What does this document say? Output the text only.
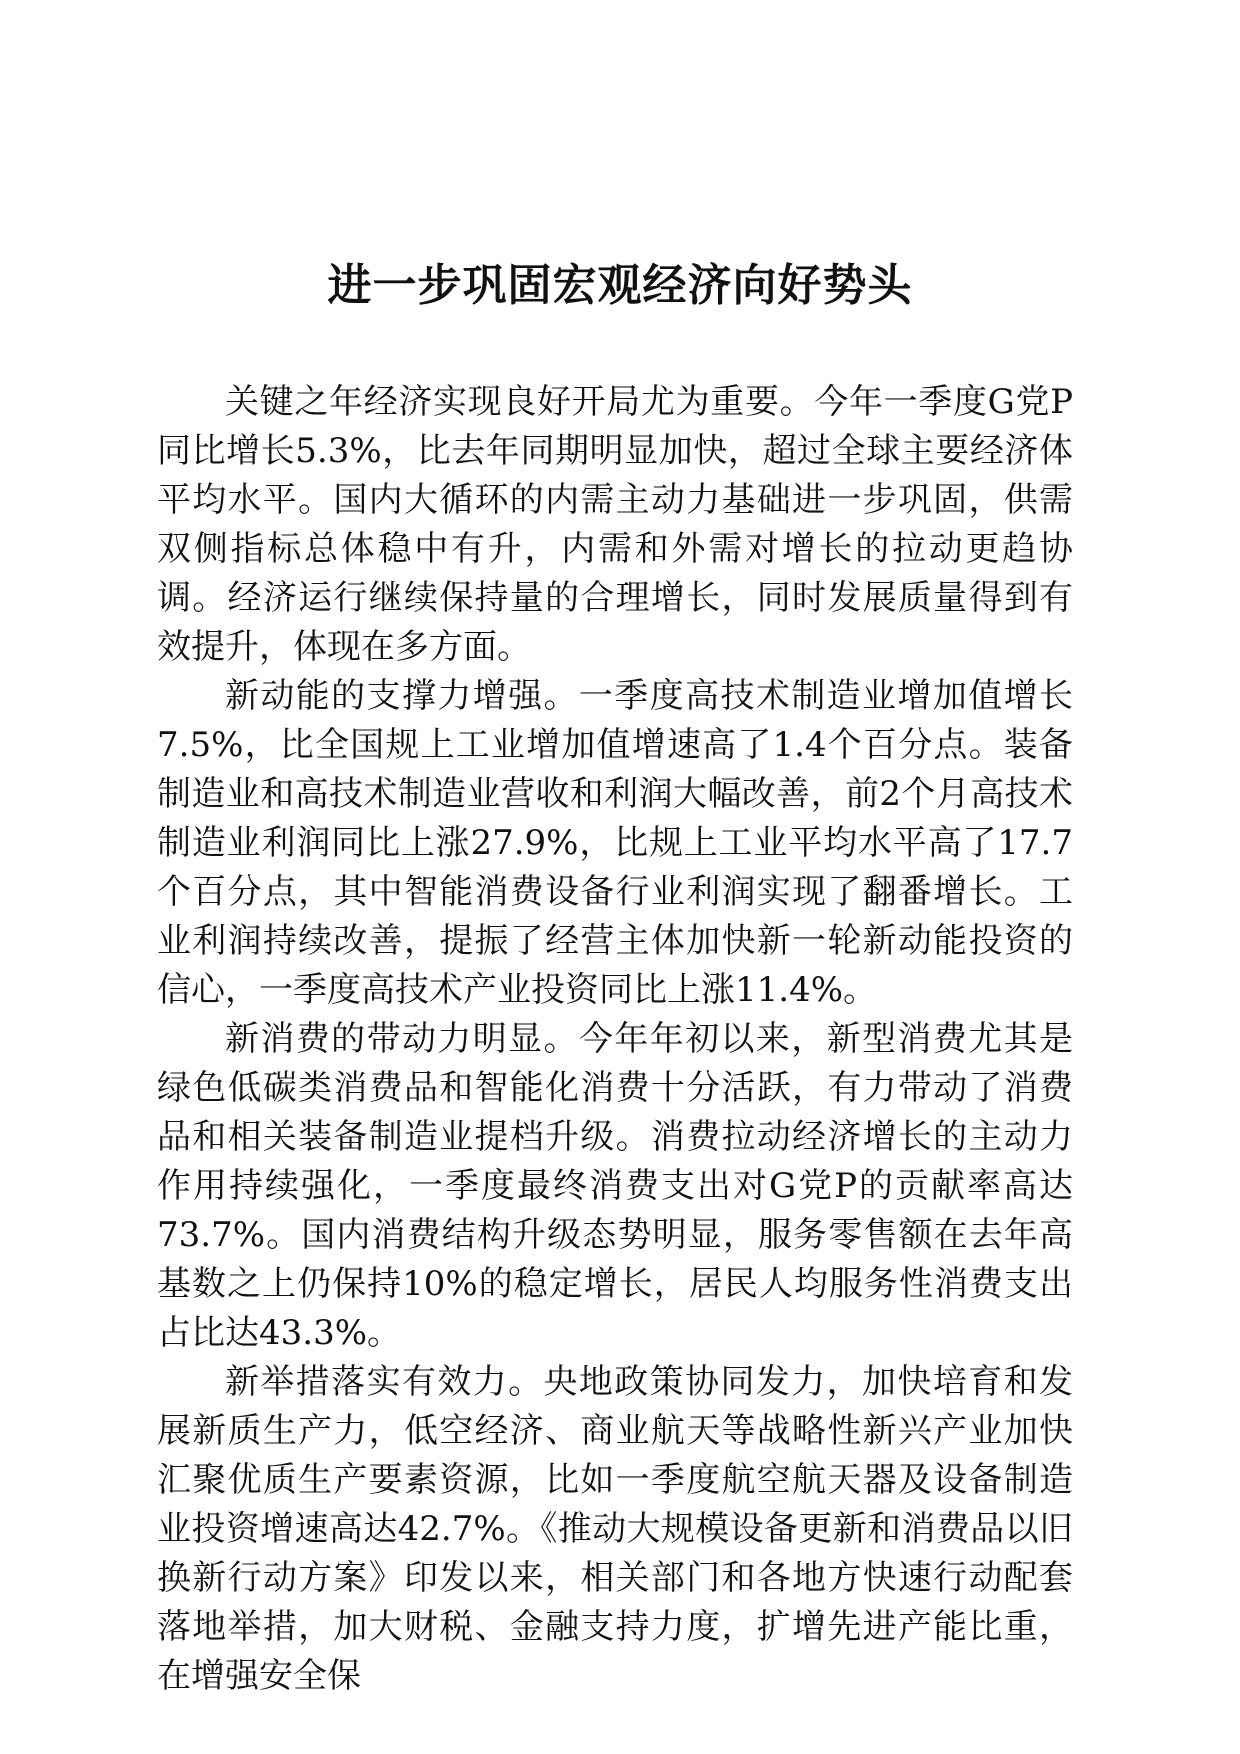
进一步巩固宏观经济向好势头

关键之年经济实现良好开局尤为重要。今年一季度G党P同比增长5.3%，比去年同期明显加快，超过全球主要经济体平均水平。国内大循环的内需主动力基础进一步巩固，供需双侧指标总体稳中有升，内需和外需对增长的拉动更趋协调。经济运行继续保持量的合理增长，同时发展质量得到有效提升，体现在多方面。

新动能的支撑力增强。一季度高技术制造业增加值增长7.5%，比全国规上工业增加值增速高了1.4个百分点。装备制造业和高技术制造业营收和利润大幅改善，前2个月高技术制造业利润同比上涨27.9%，比规上工业平均水平高了17.7个百分点，其中智能消费设备行业利润实现了翻番增长。工业利润持续改善，提振了经营主体加快新一轮新动能投资的信心，一季度高技术产业投资同比上涨11.4%。

新消费的带动力明显。今年年初以来，新型消费尤其是绿色低碳类消费品和智能化消费十分活跃，有力带动了消费品和相关装备制造业提档升级。消费拉动经济增长的主动力作用持续强化，一季度最终消费支出对G党P的贡献率高达73.7%。国内消费结构升级态势明显，服务零售额在去年高基数之上仍保持10%的稳定增长，居民人均服务性消费支出占比达43.3%。

新举措落实有效力。央地政策协同发力，加快培育和发展新质生产力，低空经济、商业航天等战略性新兴产业加快汇聚优质生产要素资源，比如一季度航空航天器及设备制造业投资增速高达42.7%。《推动大规模设备更新和消费品以旧换新行动方案》印发以来，相关部门和各地方快速行动配套落地举措，加大财税、金融支持力度，扩增先进产能比重，在增强安全保
